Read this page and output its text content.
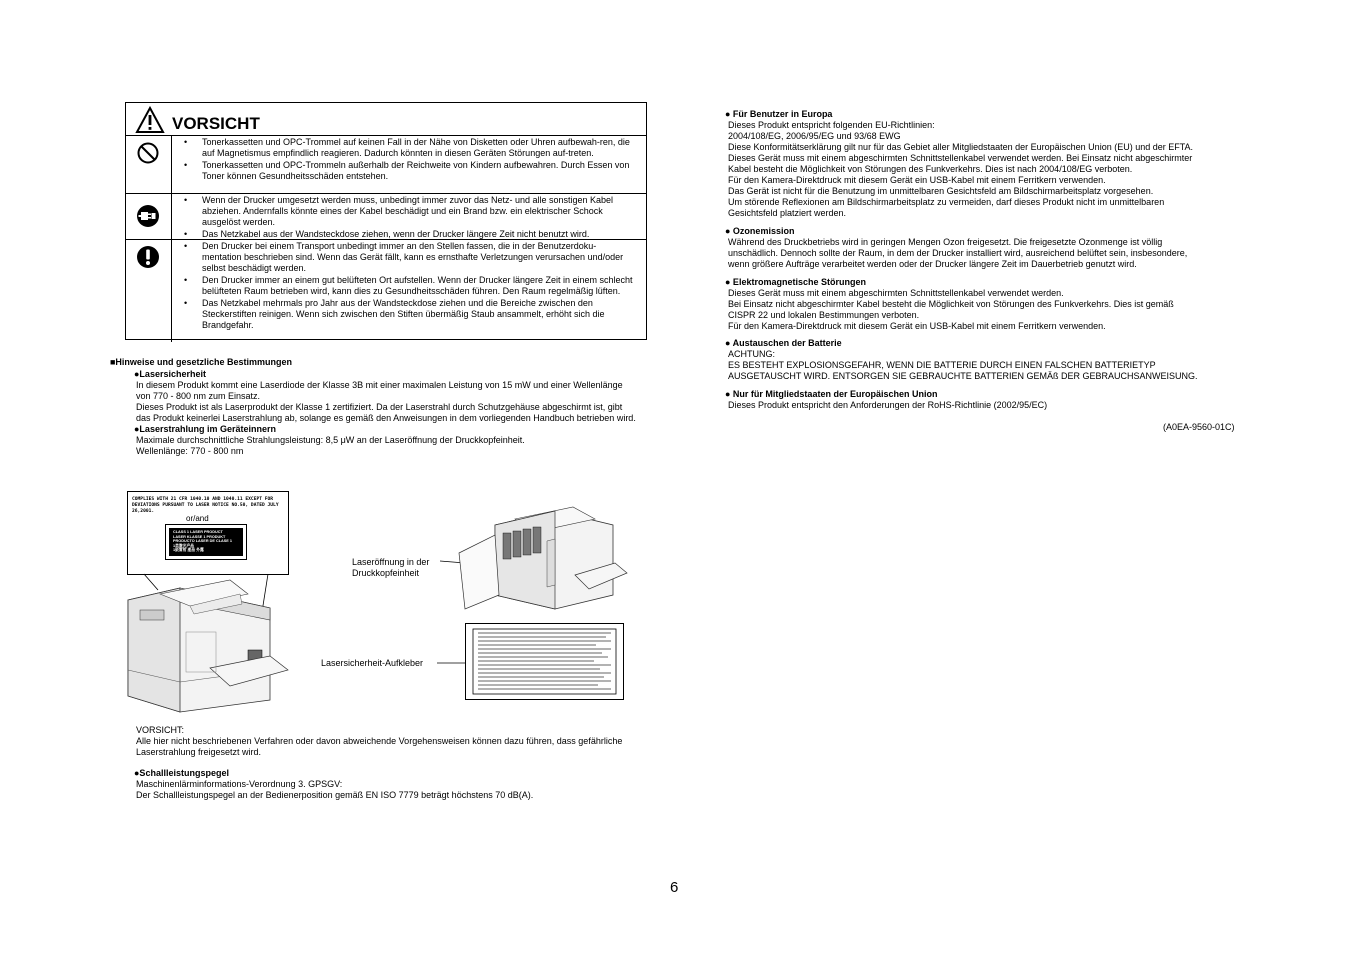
VORSICHT
• Tonerkassetten und OPC-Trommel auf keinen Fall in der Nähe von Disketten oder Uhren aufbewah-ren, die auf Magnetismus empfindlich reagieren. Dadurch könnten in diesen Geräten Störungen auf-treten.
• Tonerkassetten und OPC-Trommeln außerhalb der Reichweite von Kindern aufbewahren. Durch Essen von Toner können Gesundheitsschäden entstehen.
• Wenn der Drucker umgesetzt werden muss, unbedingt immer zuvor das Netz- und alle sonstigen Kabel abziehen. Andernfalls könnte eines der Kabel beschädigt und ein Brand bzw. ein elektrischer Schock ausgelöst werden.
• Das Netzkabel aus der Wandsteckdose ziehen, wenn der Drucker längere Zeit nicht benutzt wird.
• Den Drucker bei einem Transport unbedingt immer an den Stellen fassen, die in der Benutzerdoku-mentation beschrieben sind. Wenn das Gerät fällt, kann es ernsthafte Verletzungen verursachen und/oder selbst beschädigt werden.
• Den Drucker immer an einem gut belüfteten Ort aufstellen. Wenn der Drucker längere Zeit in einem schlecht belüfteten Raum betrieben wird, kann dies zu Gesundheitsschäden führen. Den Raum regelmäßig lüften.
• Das Netzkabel mehrmals pro Jahr aus der Wandsteckdose ziehen und die Bereiche zwischen den Steckerstiften reinigen. Wenn sich zwischen den Stiften übermäßig Staub ansammelt, erhöht sich die Brandgefahr.
■Hinweise und gesetzliche Bestimmungen
●Lasersicherheit
In diesem Produkt kommt eine Laserdiode der Klasse 3B mit einer maximalen Leistung von 15 mW und einer Wellenlänge
von 770 - 800 nm zum Einsatz.
Dieses Produkt ist als Laserprodukt der Klasse 1 zertifiziert. Da der Laserstrahl durch Schutzgehäuse abgeschirmt ist, gibt
das Produkt keinerlei Laserstrahlung ab, solange es gemäß den Anweisungen in dem vorliegenden Handbuch betrieben wird.
●Laserstrahlung im Geräteinnern
Maximale durchschnittliche Strahlungsleistung: 8,5 μW an der Laseröffnung der Druckkopfeinheit.
Wellenlänge: 770 - 800 nm
COMPLIES WITH 21 CFR 1040.10 AND 1040.11 EXCEPT FOR
DEVIATIONS PURSUANT TO LASER NOTICE NO.50, DATED JULY 26,2001.
or/and
CLASS 1 LASER PRODUCT
LASER KLASSE 1 PRODUKT
PRODUCTO LASER DE CLASE 1
1类激光产品
1級雷射 產品 外露
Laseröffnung in der
Druckkopfeinheit
Lasersicherheit-Aufkleber
VORSICHT:
Alle hier nicht beschriebenen Verfahren oder davon abweichende Vorgehensweisen können dazu führen, dass gefährliche
Laserstrahlung freigesetzt wird.
●Schallleistungspegel
Maschinenlärminformations-Verordnung 3. GPSGV:
Der Schallleistungspegel an der Bedienerposition gemäß EN ISO 7779 beträgt höchstens 70 dB(A).
● Für Benutzer in Europa
Dieses Produkt entspricht folgenden EU-Richtlinien:
2004/108/EG, 2006/95/EG und 93/68 EWG
Diese Konformitätserklärung gilt nur für das Gebiet aller Mitgliedstaaten der Europäischen Union (EU) und der EFTA.
Dieses Gerät muss mit einem abgeschirmten Schnittstellenkabel verwendet werden. Bei Einsatz nicht abgeschirmter
Kabel besteht die Möglichkeit von Störungen des Funkverkehrs. Dies ist nach 2004/108/EG verboten.
Für den Kamera-Direktdruck mit diesem Gerät ein USB-Kabel mit einem Ferritkern verwenden.
Das Gerät ist nicht für die Benutzung im unmittelbaren Gesichtsfeld am Bildschirmarbeitsplatz vorgesehen.
Um störende Reflexionen am Bildschirmarbeitsplatz zu vermeiden, darf dieses Produkt nicht im unmittelbaren
Gesichtsfeld platziert werden.
● Ozonemission
Während des Druckbetriebs wird in geringen Mengen Ozon freigesetzt. Die freigesetzte Ozonmenge ist völlig
unschädlich. Dennoch sollte der Raum, in dem der Drucker installiert wird, ausreichend belüftet sein, insbesondere,
wenn größere Aufträge verarbeitet werden oder der Drucker längere Zeit im Dauerbetrieb genutzt wird.
● Elektromagnetische Störungen
Dieses Gerät muss mit einem abgeschirmten Schnittstellenkabel verwendet werden.
Bei Einsatz nicht abgeschirmter Kabel besteht die Möglichkeit von Störungen des Funkverkehrs. Dies ist gemäß
CISPR 22 und lokalen Bestimmungen verboten.
Für den Kamera-Direktdruck mit diesem Gerät ein USB-Kabel mit einem Ferritkern verwenden.
● Austauschen der Batterie
ACHTUNG:
ES BESTEHT EXPLOSIONSGEFAHR, WENN DIE BATTERIE DURCH EINEN FALSCHEN BATTERIETYP
AUSGETAUSCHT WIRD. ENTSORGEN SIE GEBRAUCHTE BATTERIEN GEMÄß DER GEBRAUCHSANWEISUNG.
● Nur für Mitgliedstaaten der Europäischen Union
Dieses Produkt entspricht den Anforderungen der RoHS-Richtlinie (2002/95/EC)
(A0EA-9560-01C)
6
